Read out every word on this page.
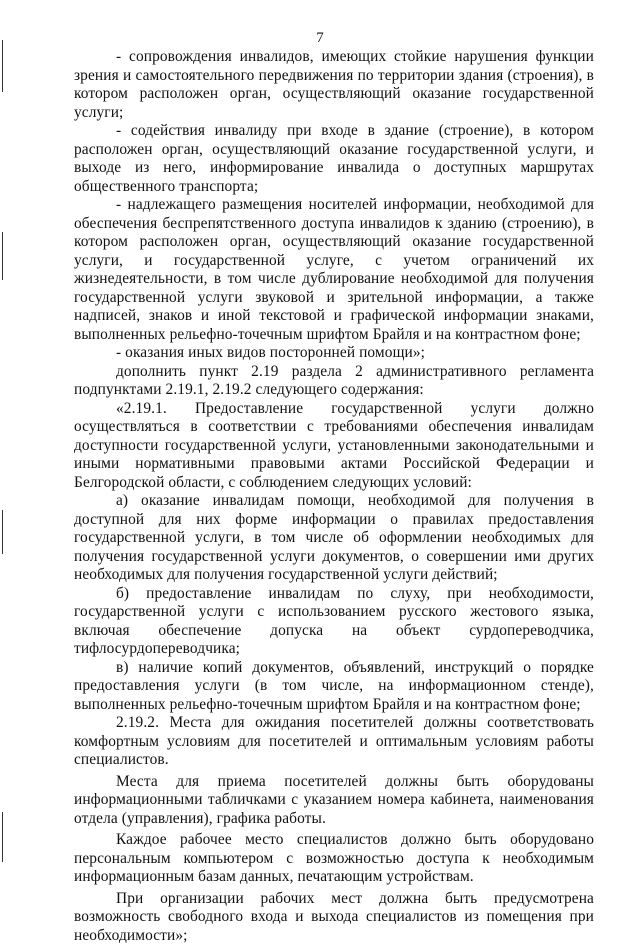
7

- сопровождения инвалидов, имеющих стойкие нарушения функции зрения и самостоятельного передвижения по территории здания (строения), в котором расположен орган, осуществляющий оказание государственной услуги;

- содействия инвалиду при входе в здание (строение), в котором расположен орган, осуществляющий оказание государственной услуги, и выходе из него, информирование инвалида о доступных маршрутах общественного транспорта;

- надлежащего размещения носителей информации, необходимой для обеспечения беспрепятственного доступа инвалидов к зданию (строению), в котором расположен орган, осуществляющий оказание государственной услуги, и государственной услуге, с учетом ограничений их жизнедеятельности, в том числе дублирование необходимой для получения государственной услуги звуковой и зрительной информации, а также надписей, знаков и иной текстовой и графической информации знаками, выполненных рельефно-точечным шрифтом Брайля и на контрастном фоне;

- оказания иных видов посторонней помощи»;

дополнить пункт 2.19 раздела 2 административного регламента подпунктами 2.19.1, 2.19.2 следующего содержания:

«2.19.1. Предоставление государственной услуги должно осуществляться в соответствии с требованиями обеспечения инвалидам доступности государственной услуги, установленными законодательными и иными нормативными правовыми актами Российской Федерации и Белгородской области, с соблюдением следующих условий:

а) оказание инвалидам помощи, необходимой для получения в доступной для них форме информации о правилах предоставления государственной услуги, в том числе об оформлении необходимых для получения государственной услуги документов, о совершении ими других необходимых для получения государственной услуги действий;

б) предоставление инвалидам по слуху, при необходимости, государственной услуги с использованием русского жестового языка, включая обеспечение допуска на объект сурдопереводчика, тифлосурдопереводчика;

в) наличие копий документов, объявлений, инструкций о порядке предоставления услуги (в том числе, на информационном стенде), выполненных рельефно-точечным шрифтом Брайля и на контрастном фоне;

2.19.2. Места для ожидания посетителей должны соответствовать комфортным условиям для посетителей и оптимальным условиям работы специалистов.

Места для приема посетителей должны быть оборудованы информационными табличками с указанием номера кабинета, наименования отдела (управления), графика работы.

Каждое рабочее место специалистов должно быть оборудовано персональным компьютером с возможностью доступа к необходимым информационным базам данных, печатающим устройствам.

При организации рабочих мест должна быть предусмотрена возможность свободного входа и выхода специалистов из помещения при необходимости»;
